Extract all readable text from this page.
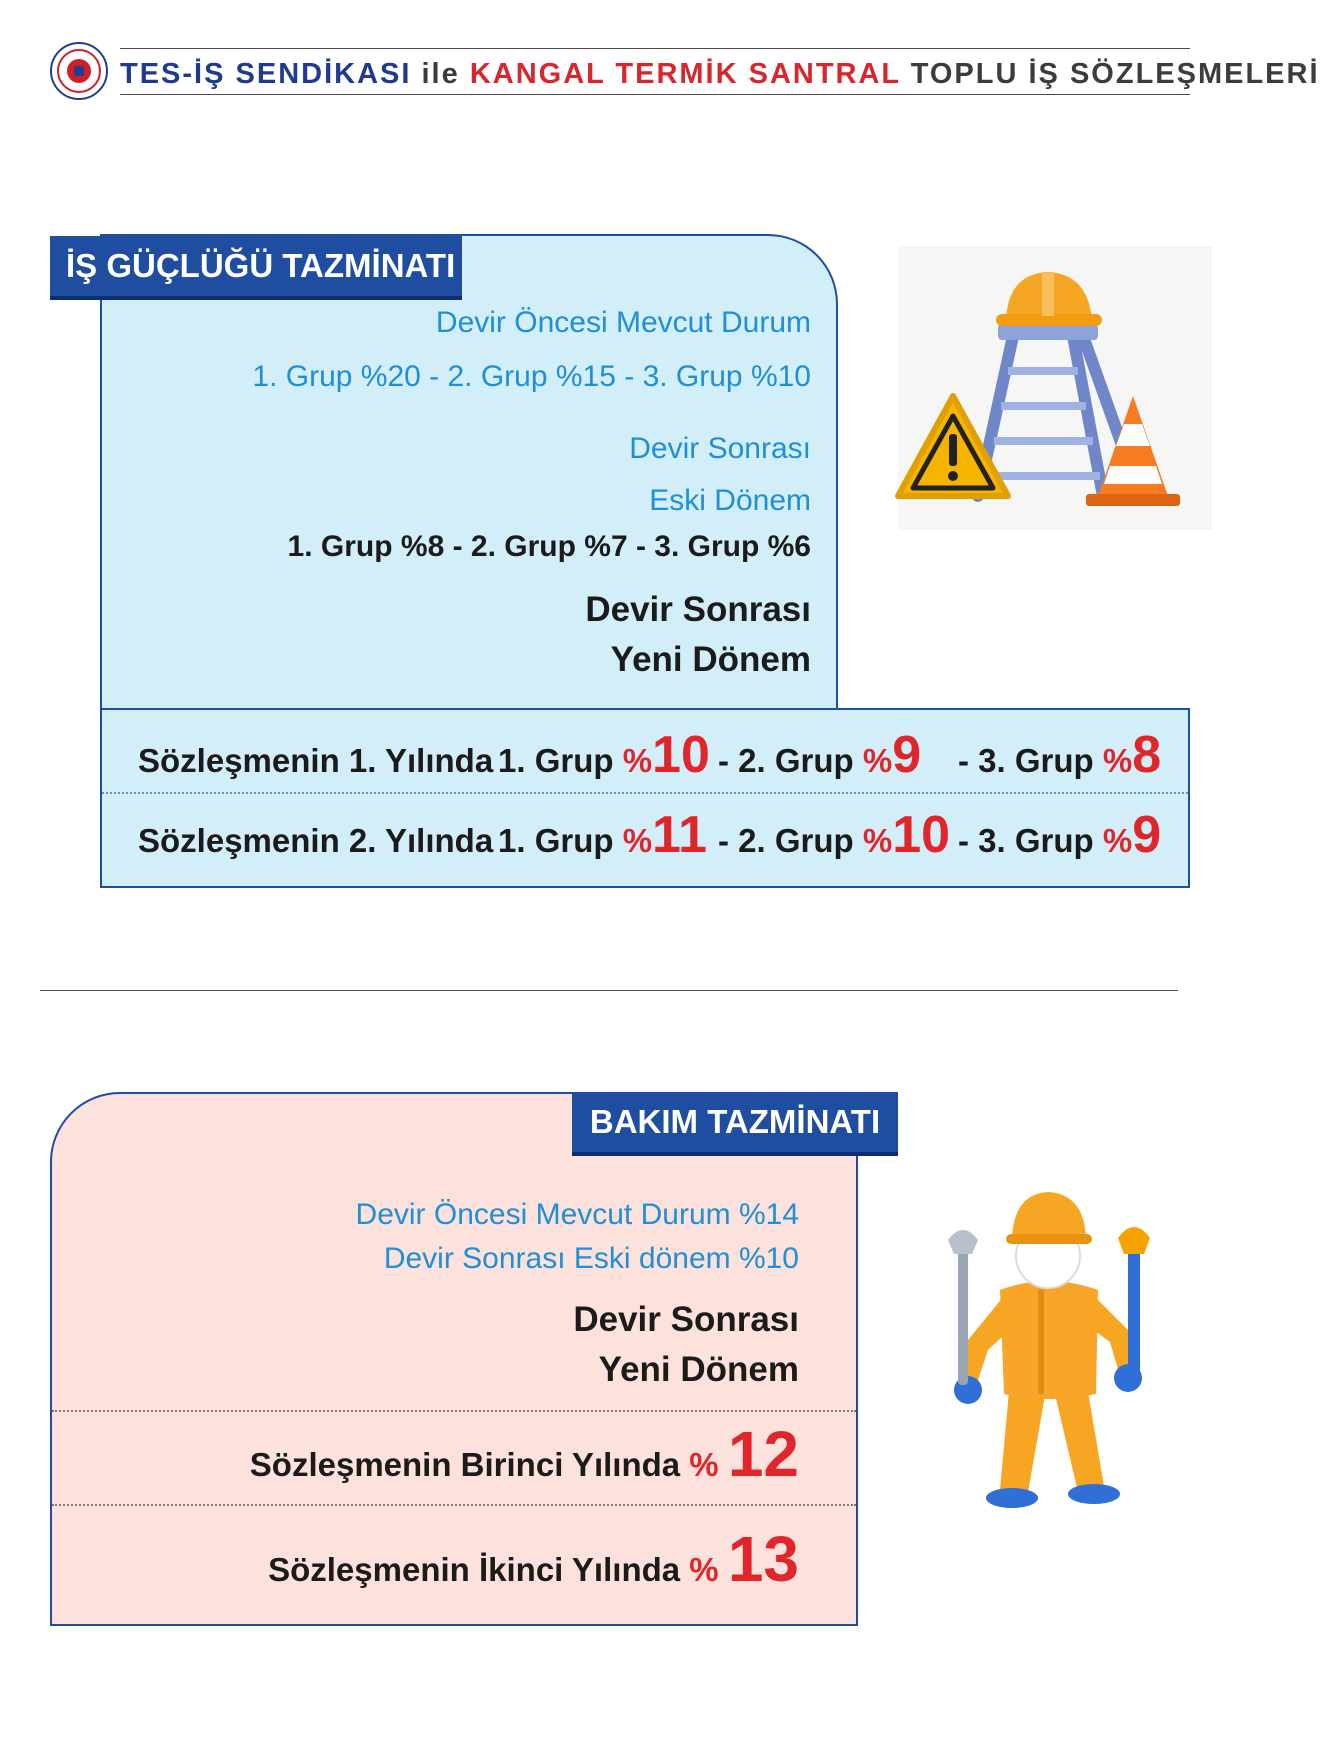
TES-İŞ SENDİKASI ile KANGAL TERMİK SANTRAL TOPLU İŞ SÖZLEŞMELERİ
İŞ GÜÇLÜĞÜ TAZMİNATI
Devir Öncesi Mevcut Durum
1. Grup %20 - 2. Grup %15 - 3. Grup %10
Devir Sonrası
Eski Dönem
1. Grup %8 - 2. Grup %7 - 3. Grup %6
Devir Sonrası
Yeni Dönem
Sözleşmenin 1. Yılında 1. Grup %10 - 2. Grup %9 - 3. Grup %8
Sözleşmenin 2. Yılında 1. Grup %11 - 2. Grup %10 - 3. Grup %9
BAKIM TAZMİNATI
Devir Öncesi Mevcut Durum %14
Devir Sonrası Eski dönem %10
Devir Sonrası
Yeni Dönem
Sözleşmenin Birinci Yılında % 12
Sözleşmenin İkinci Yılında % 13
